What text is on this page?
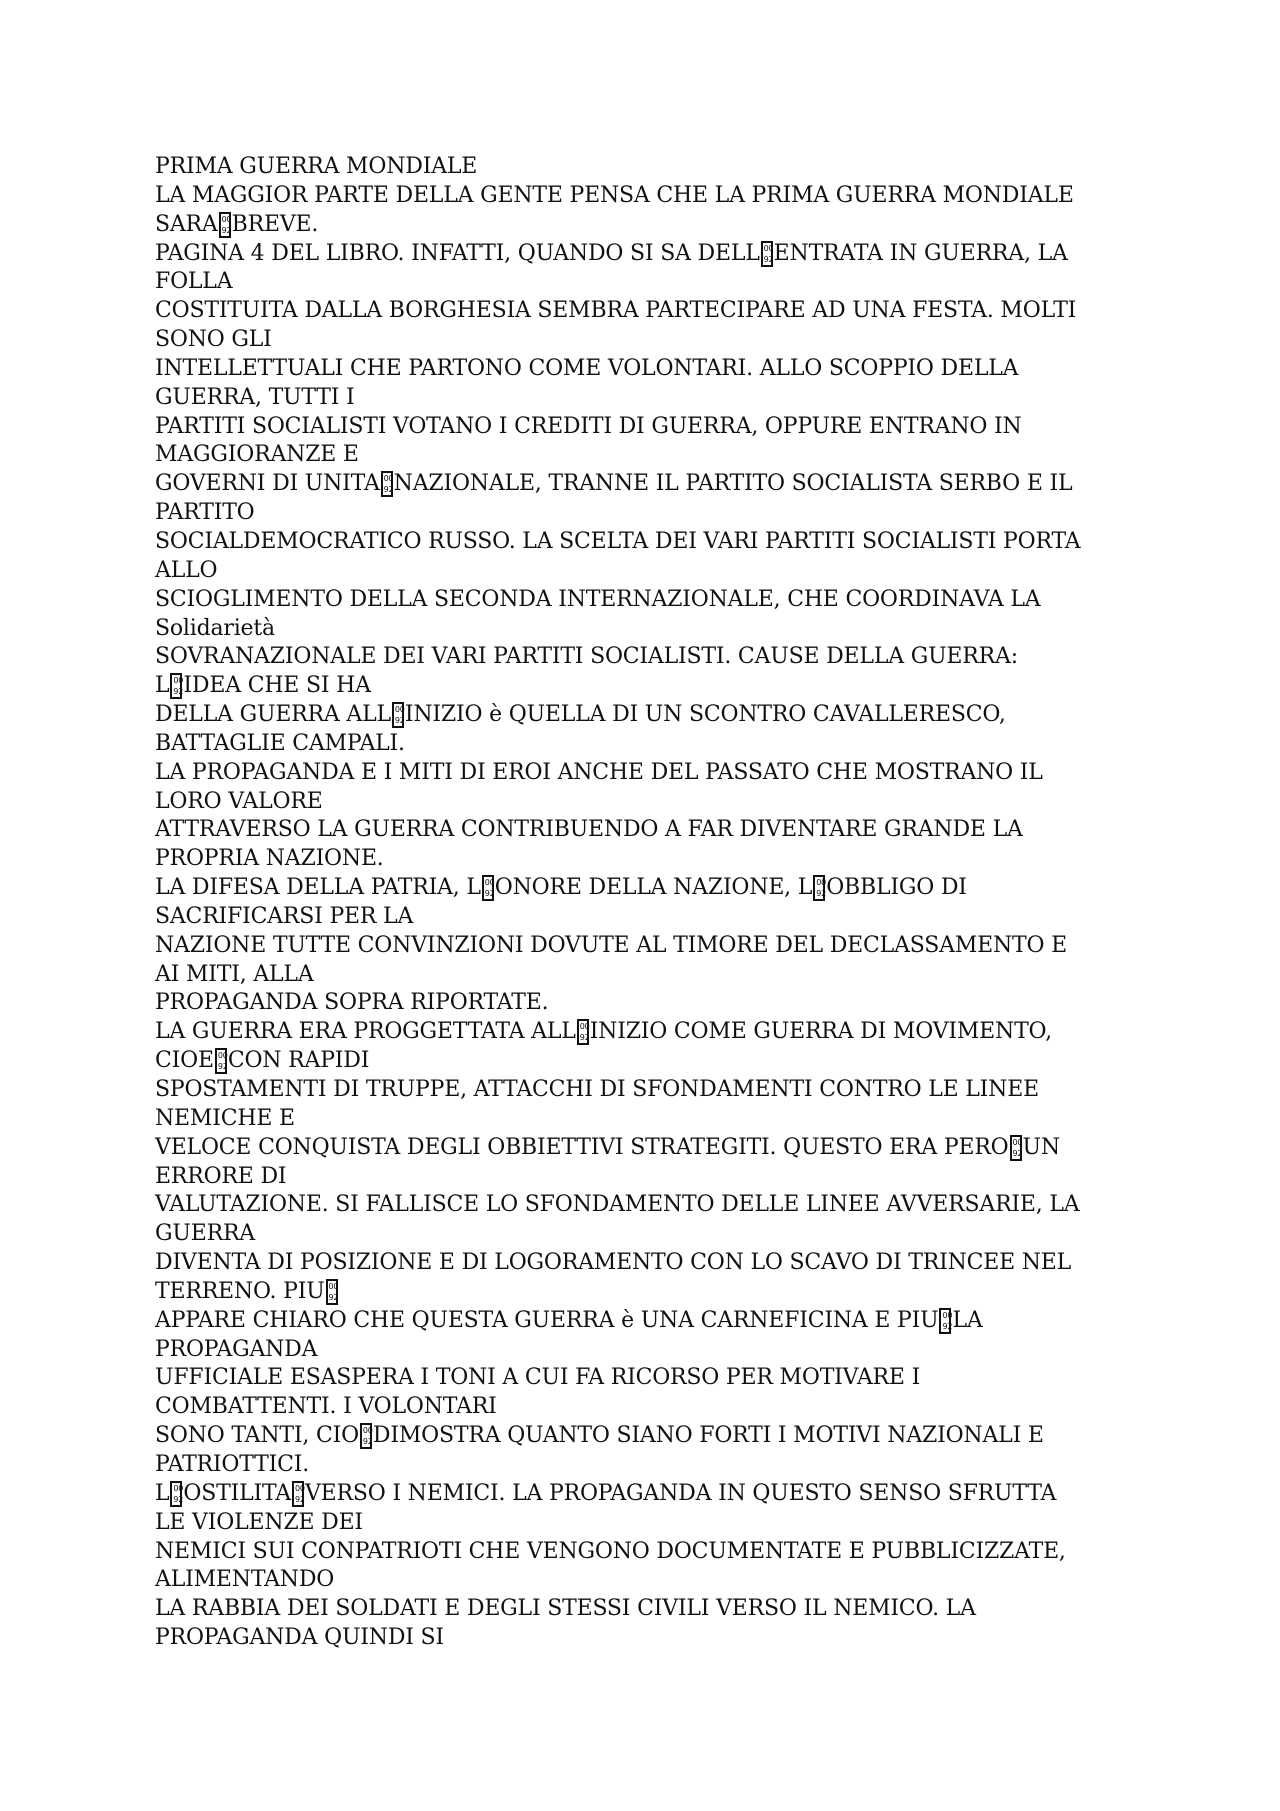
PRIMA GUERRA MONDIALE
LA MAGGIOR PARTE DELLA GENTE PENSA CHE LA PRIMA GUERRA MONDIALE
SARA 00  92 BREVE.
PAGINA 4 DEL LIBRO. INFATTI, QUANDO SI SA DELL 00  92 ENTRATA IN GUERRA, LA
FOLLA
COSTITUITA DALLA BORGHESIA SEMBRA PARTECIPARE AD UNA FESTA. MOLTI
SONO GLI
INTELLETTUALI CHE PARTONO COME VOLONTARI. ALLO SCOPPIO DELLA
GUERRA, TUTTI I
PARTITI SOCIALISTI VOTANO I CREDITI DI GUERRA, OPPURE ENTRANO IN
MAGGIORANZE E
GOVERNI DI UNITA 00  92 NAZIONALE, TRANNE IL PARTITO SOCIALISTA SERBO E IL
PARTITO
SOCIALDEMOCRATICO RUSSO. LA SCELTA DEI VARI PARTITI SOCIALISTI PORTA
ALLO
SCIOGLIMENTO DELLA SECONDA INTERNAZIONALE, CHE COORDINAVA LA
Solidarietà
SOVRANAZIONALE DEI VARI PARTITI SOCIALISTI. CAUSE DELLA GUERRA:
L 00  92 IDEA CHE SI HA
DELLA GUERRA ALL 00  92 INIZIO è QUELLA DI UN SCONTRO CAVALLERESCO,
BATTAGLIE CAMPALI.
LA PROPAGANDA E I MITI DI EROI ANCHE DEL PASSATO CHE MOSTRANO IL
LORO VALORE
ATTRAVERSO LA GUERRA CONTRIBUENDO A FAR DIVENTARE GRANDE LA
PROPRIA NAZIONE.
LA DIFESA DELLA PATRIA, L 00  92 ONORE DELLA NAZIONE, L 00  92 OBBLIGO DI
SACRIFICARSI PER LA
NAZIONE TUTTE CONVINZIONI DOVUTE AL TIMORE DEL DECLASSAMENTO E
AI MITI, ALLA
PROPAGANDA SOPRA RIPORTATE.
LA GUERRA ERA PROGGETTATA ALL 00  92 INIZIO COME GUERRA DI MOVIMENTO,
CIOE 00  92 CON RAPIDI
SPOSTAMENTI DI TRUPPE, ATTACCHI DI SFONDAMENTI CONTRO LE LINEE
NEMICHE E
VELOCE CONQUISTA DEGLI OBBIETTIVI STRATEGITI. QUESTO ERA PERO 00  92 UN
ERRORE DI
VALUTAZIONE. SI FALLISCE LO SFONDAMENTO DELLE LINEE AVVERSARIE, LA
GUERRA
DIVENTA DI POSIZIONE E DI LOGORAMENTO CON LO SCAVO DI TRINCEE NEL
TERRENO. PIU00  92
APPARE CHIARO CHE QUESTA GUERRA è UNA CARNEFICINA E PIU 00  92 LA
PROPAGANDA
UFFICIALE ESASPERA I TONI A CUI FA RICORSO PER MOTIVARE I
COMBATTENTI. I VOLONTARI
SONO TANTI, CIO 00  92 DIMOSTRA QUANTO SIANO FORTI I MOTIVI NAZIONALI E
PATRIOTTICI.
L 00  92 OSTILITA 00  92 VERSO I NEMICI. LA PROPAGANDA IN QUESTO SENSO SFRUTTA
LE VIOLENZE DEI
NEMICI SUI CONPATRIOTI CHE VENGONO DOCUMENTATE E PUBBLICIZZATE,
ALIMENTANDO
LA RABBIA DEI SOLDATI E DEGLI STESSI CIVILI VERSO IL NEMICO. LA
PROPAGANDA QUINDI SI
